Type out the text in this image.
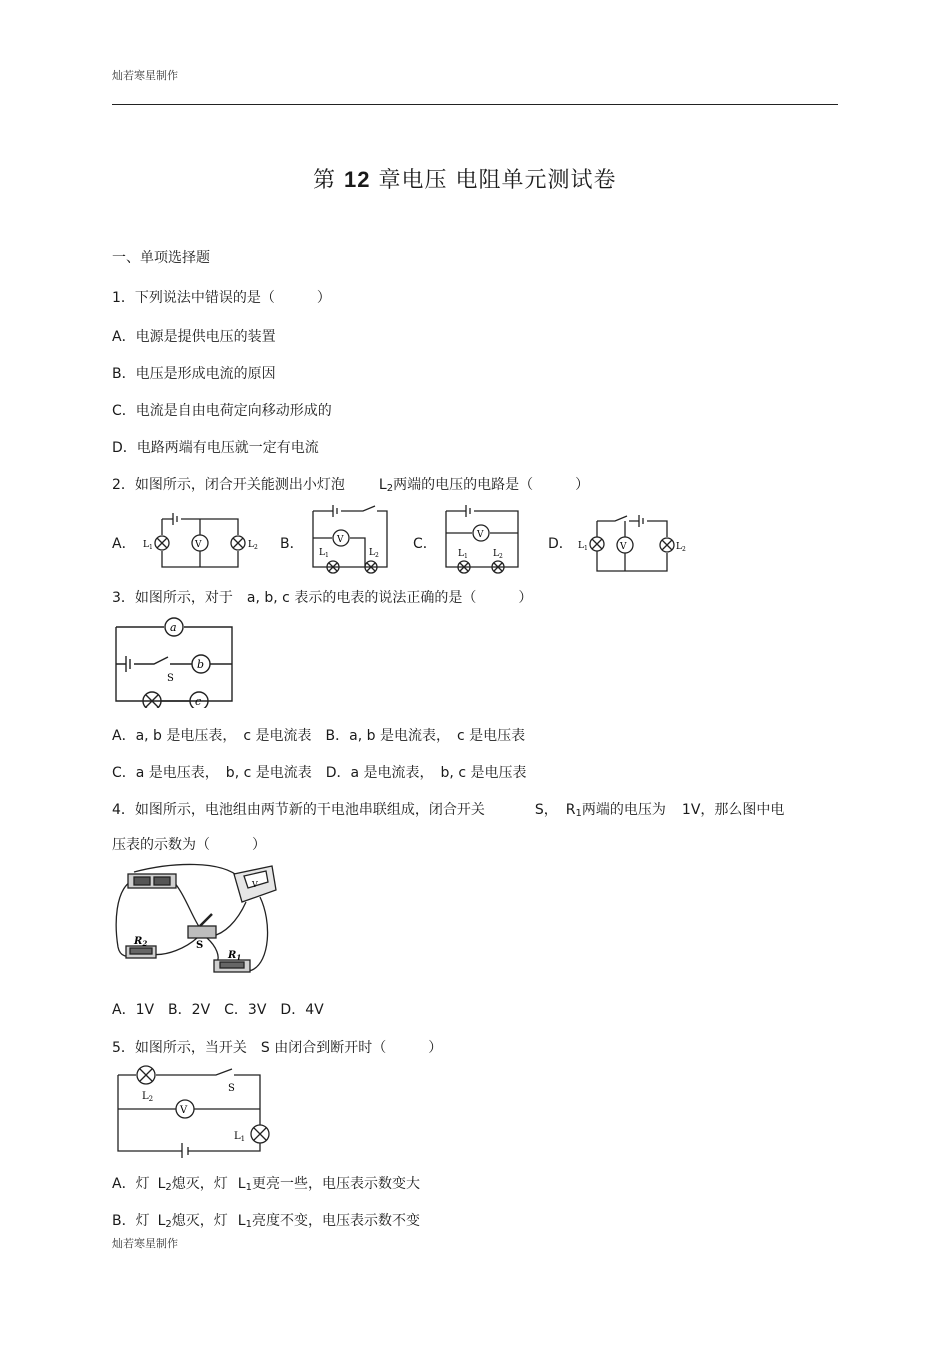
灿若寒星制作
第 12 章电压 电阻单元测试卷
一、单项选择题
1．下列说法中错误的是（　　　）
A．电源是提供电压的装置
B．电压是形成电流的原因
C．电流是自由电荷定向移动形成的
D．电路两端有电压就一定有电流
2．如图所示，闭合开关能测出小灯泡 $L_2$两端的电压的电路是（　　　）
A．	B．	C．	D．
V
$L_1$	$L_2$
V
$L_1$	$L_2$
V
$L_1$	$L_2$
V
$L_1$	$L_2$
3．如图所示，对于　a, b, c 表示的电表的说法正确的是（　　　）
a
b
c
S
A．a, b 是电压表，　c 是电流表　B．a, b 是电流表，　c 是电压表
C．a 是电压表，　b, c 是电流表　D．a 是电流表，　b, c 是电压表
4．如图所示，电池组由两节新的干电池串联组成，闭合开关	S， $R_1$两端的电压为 1V，那么图中电
压表的示数为（　　　）
V
S
$R_2$
$R_1$
A．1V　B．2V　C．3V　D．4V
5．如图所示，当开关　S 由闭合到断开时（　　　）
V
S
$L_2$
$L_1$
A．灯 $L_2$熄灭，灯 $L_1$更亮一些，电压表示数变大
B．灯 $L_2$熄灭，灯 $L_1$亮度不变，电压表示数不变
灿若寒星制作
